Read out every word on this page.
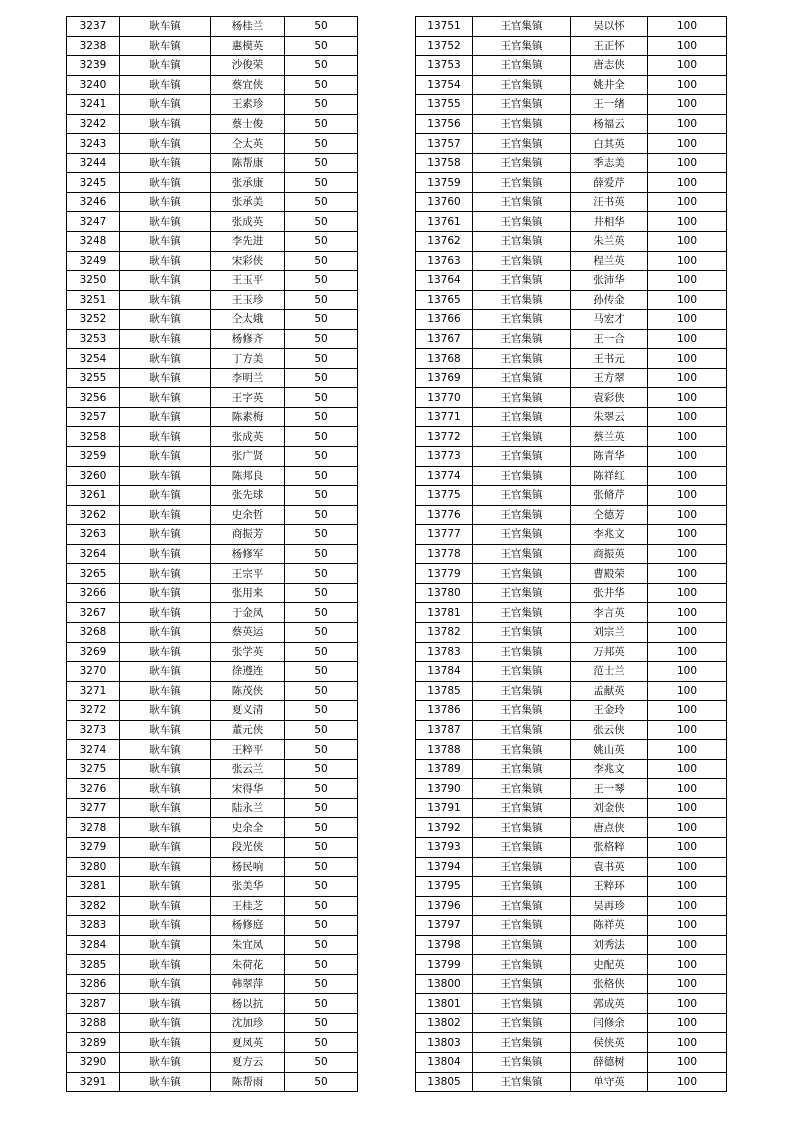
3237	耿车镇	杨桂兰	50
3238	耿车镇	惠模英	50
3239	耿车镇	沙俊荣	50
3240	耿车镇	蔡宜侠	50
3241	耿车镇	王素珍	50
3242	耿车镇	蔡士俊	50
3243	耿车镇	仝太英	50
3244	耿车镇	陈帮康	50
3245	耿车镇	张承康	50
3246	耿车镇	张承美	50
3247	耿车镇	张成英	50
3248	耿车镇	李先进	50
3249	耿车镇	宋彩侠	50
3250	耿车镇	王玉平	50
3251	耿车镇	王玉珍	50
3252	耿车镇	仝太娥	50
3253	耿车镇	杨修齐	50
3254	耿车镇	丁方美	50
3255	耿车镇	李明兰	50
3256	耿车镇	王字英	50
3257	耿车镇	陈素梅	50
3258	耿车镇	张成英	50
3259	耿车镇	张广贤	50
3260	耿车镇	陈邦良	50
3261	耿车镇	张先球	50
3262	耿车镇	史余哲	50
3263	耿车镇	商振芳	50
3264	耿车镇	杨修军	50
3265	耿车镇	王宗平	50
3266	耿车镇	张用来	50
3267	耿车镇	于金凤	50
3268	耿车镇	蔡英运	50
3269	耿车镇	张学英	50
3270	耿车镇	徐遵连	50
3271	耿车镇	陈茂侠	50
3272	耿车镇	夏义清	50
3273	耿车镇	董元侠	50
3274	耿车镇	王粹平	50
3275	耿车镇	张云兰	50
3276	耿车镇	宋得华	50
3277	耿车镇	陆永兰	50
3278	耿车镇	史余全	50
3279	耿车镇	段光侠	50
3280	耿车镇	杨民响	50
3281	耿车镇	张美华	50
3282	耿车镇	王桂芝	50
3283	耿车镇	杨修庭	50
3284	耿车镇	朱宜凤	50
3285	耿车镇	朱荷花	50
3286	耿车镇	韩翠萍	50
3287	耿车镇	杨以抗	50
3288	耿车镇	沈加珍	50
3289	耿车镇	夏凤英	50
3290	耿车镇	夏方云	50
3291	耿车镇	陈帮雨	50
13751	王官集镇	吴以怀	100
13752	王官集镇	王正怀	100
13753	王官集镇	唐志侠	100
13754	王官集镇	姚井全	100
13755	王官集镇	王一绪	100
13756	王官集镇	杨福云	100
13757	王官集镇	白其英	100
13758	王官集镇	季志美	100
13759	王官集镇	薛爱芹	100
13760	王官集镇	汪书英	100
13761	王官集镇	井相华	100
13762	王官集镇	朱兰英	100
13763	王官集镇	程兰英	100
13764	王官集镇	张沛华	100
13765	王官集镇	孙传金	100
13766	王官集镇	马宏才	100
13767	王官集镇	王一合	100
13768	王官集镇	王书元	100
13769	王官集镇	王方翠	100
13770	王官集镇	袁彩侠	100
13771	王官集镇	朱翠云	100
13772	王官集镇	蔡兰英	100
13773	王官集镇	陈青华	100
13774	王官集镇	陈祥红	100
13775	王官集镇	张脩芹	100
13776	王官集镇	仝德芳	100
13777	王官集镇	李兆文	100
13778	王官集镇	商振英	100
13779	王官集镇	曹殿荣	100
13780	王官集镇	张井华	100
13781	王官集镇	李言英	100
13782	王官集镇	刘宗兰	100
13783	王官集镇	万邦英	100
13784	王官集镇	范士兰	100
13785	王官集镇	孟献英	100
13786	王官集镇	王金玲	100
13787	王官集镇	张云侠	100
13788	王官集镇	姚山英	100
13789	王官集镇	李兆文	100
13790	王官集镇	王一琴	100
13791	王官集镇	刘金侠	100
13792	王官集镇	唐点侠	100
13793	王官集镇	张格粹	100
13794	王官集镇	袁书英	100
13795	王官集镇	王粹环	100
13796	王官集镇	吴再珍	100
13797	王官集镇	陈祥英	100
13798	王官集镇	刘秀法	100
13799	王官集镇	史配英	100
13800	王官集镇	张格侠	100
13801	王官集镇	郭成英	100
13802	王官集镇	闫修余	100
13803	王官集镇	侯侠英	100
13804	王官集镇	薛德树	100
13805	王官集镇	单守英	100
